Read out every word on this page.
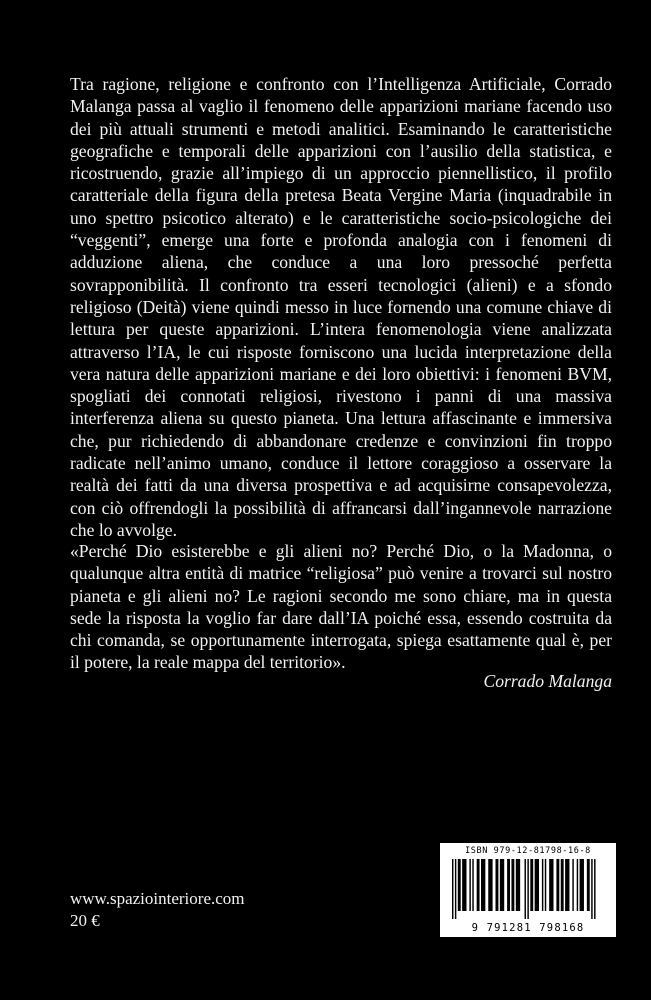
Tra ragione, religione e confronto con l’Intelligenza Artificiale, Corrado Malanga passa al vaglio il fenomeno delle apparizioni mariane facendo uso dei più attuali strumenti e metodi analitici. Esaminando le caratteristiche geografiche e temporali delle apparizioni con l’ausilio della statistica, e ricostruendo, grazie all’impiego di un approccio piennellistico, il profilo caratteriale della figura della pretesa Beata Vergine Maria (inquadrabile in uno spettro psicotico alterato) e le caratteristiche socio-psicologiche dei “veggenti”, emerge una forte e profonda analogia con i fenomeni di adduzione aliena, che conduce a una loro pressoché perfetta sovrapponibilità. Il confronto tra esseri tecnologici (alieni) e a sfondo religioso (Deità) viene quindi messo in luce fornendo una comune chiave di lettura per queste apparizioni. L’intera fenomenologia viene analizzata attraverso l’IA, le cui risposte forniscono una lucida interpretazione della vera natura delle apparizioni mariane e dei loro obiettivi: i fenomeni BVM, spogliati dei connotati religiosi, rivestono i panni di una massiva interferenza aliena su questo pianeta. Una lettura affascinante e immersiva che, pur richiedendo di abbandonare credenze e convinzioni fin troppo radicate nell’animo umano, conduce il lettore coraggioso a osservare la realtà dei fatti da una diversa prospettiva e ad acquisirne consapevolezza, con ciò offrendogli la possibilità di affrancarsi dall’ingannevole narrazione che lo avvolge.

«Perché Dio esisterebbe e gli alieni no? Perché Dio, o la Madonna, o qualunque altra entità di matrice “religiosa” può venire a trovarci sul nostro pianeta e gli alieni no? Le ragioni secondo me sono chiare, ma in questa sede la risposta la voglio far dare dall’IA poiché essa, essendo costruita da chi comanda, se opportunamente interrogata, spiega esattamente qual è, per il potere, la reale mappa del territorio».

Corrado Malanga

www.spaziointeriore.com

20 €

ISBN 979-12-81798-16-8
9 791281 798168
